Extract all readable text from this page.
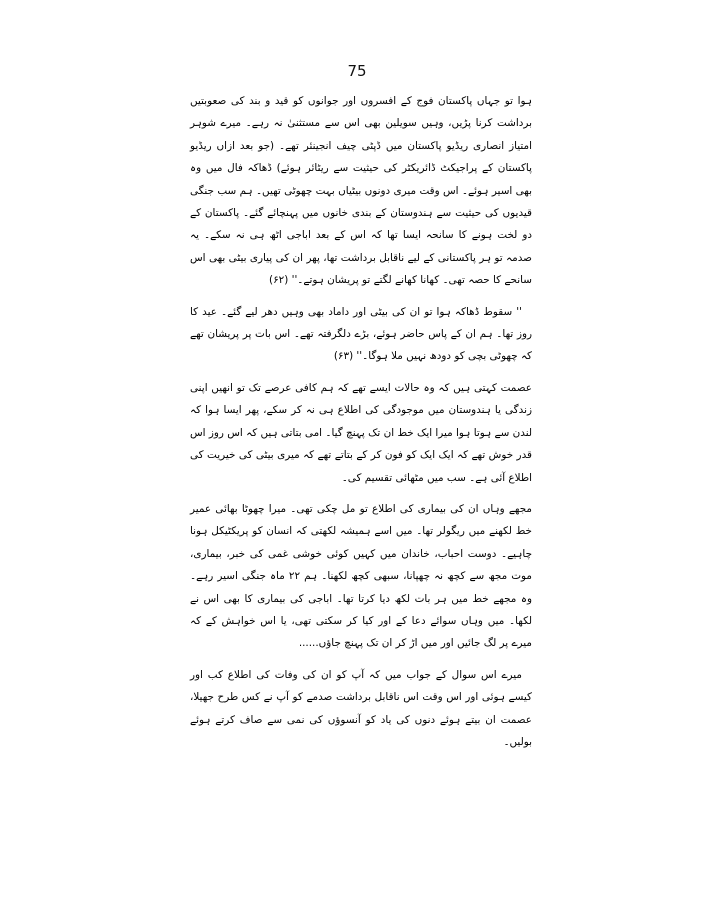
75

ہوا تو جہاں پاکستان فوج کے افسروں اور جوانوں کو قید و بند کی صعوبتیں برداشت کرنا پڑیں، وہیں سویلین بھی اس سے مستثنیٰ نہ رہے۔ میرے شوہر امتیاز انصاری ریڈیو پاکستان میں ڈپٹی چیف انجینئر تھے۔ (جو بعد ازاں ریڈیو پاکستان کے پراجیکٹ ڈائریکٹر کی حیثیت سے ریٹائر ہوئے) ڈھاکہ فال میں وہ بھی اسیر ہوئے۔ اس وقت میری دونوں بیٹیاں بہت چھوٹی تھیں۔ ہم سب جنگی قیدیوں کی حیثیت سے ہندوستان کے بندی خانوں میں پہنچائے گئے۔ پاکستان کے دو لخت ہونے کا سانحہ ایسا تھا کہ اس کے بعد اباجی اٹھ ہی نہ سکے۔ یہ صدمہ تو ہر پاکستانی کے لیے ناقابل برداشت تھا، پھر ان کی پیاری بیٹی بھی اس سانحے کا حصہ تھی۔ کھانا کھانے لگتے تو پریشان ہوتے۔'' (۶۲)

'' سقوط ڈھاکہ ہوا تو ان کی بیٹی اور داماد بھی وہیں دھر لیے گئے۔ عید کا روز تھا۔ ہم ان کے پاس حاضر ہوئے، بڑے دلگرفتہ تھے۔ اس بات پر پریشان تھے کہ چھوٹی بچی کو دودھ نہیں ملا ہوگا۔'' (۶۳)

عصمت کہتی ہیں کہ وہ حالات ایسے تھے کہ ہم کافی عرصے تک تو انھیں اپنی زندگی یا ہندوستان میں موجودگی کی اطلاع ہی نہ کر سکے، پھر ایسا ہوا کہ لندن سے ہوتا ہوا میرا ایک خط ان تک پہنچ گیا۔ امی بتاتی ہیں کہ اس روز اس قدر خوش تھے کہ ایک ایک کو فون کر کے بتاتے تھے کہ میری بیٹی کی خیریت کی اطلاع آئی ہے۔ سب میں مٹھائی تقسیم کی۔

مجھے وہاں ان کی بیماری کی اطلاع تو مل چکی تھی۔ میرا چھوٹا بھائی عمیر خط لکھنے میں ریگولر تھا۔ میں اسے ہمیشہ لکھتی کہ انسان کو پریکٹیکل ہونا چاہیے۔ دوست احباب، خاندان میں کہیں کوئی خوشی غمی کی خبر، بیماری، موت مجھ سے کچھ نہ چھپانا، سبھی کچھ لکھنا۔ ہم ۲۲ ماہ جنگی اسیر رہے۔ وہ مجھے خط میں ہر بات لکھ دیا کرتا تھا۔ اباجی کی بیماری کا بھی اس نے لکھا۔ میں وہاں سوائے دعا کے اور کیا کر سکتی تھی، یا اس خواہش کے کہ میرے پر لگ جائیں اور میں اڑ کر ان تک پہنچ جاؤں......

میرے اس سوال کے جواب میں کہ آپ کو ان کی وفات کی اطلاع کب اور کیسے ہوئی اور اس وقت اس ناقابل برداشت صدمے کو آپ نے کس طرح جھیلا، عصمت ان بیتے ہوئے دنوں کی یاد کو آنسوؤں کی نمی سے صاف کرتے ہوئے بولیں۔
